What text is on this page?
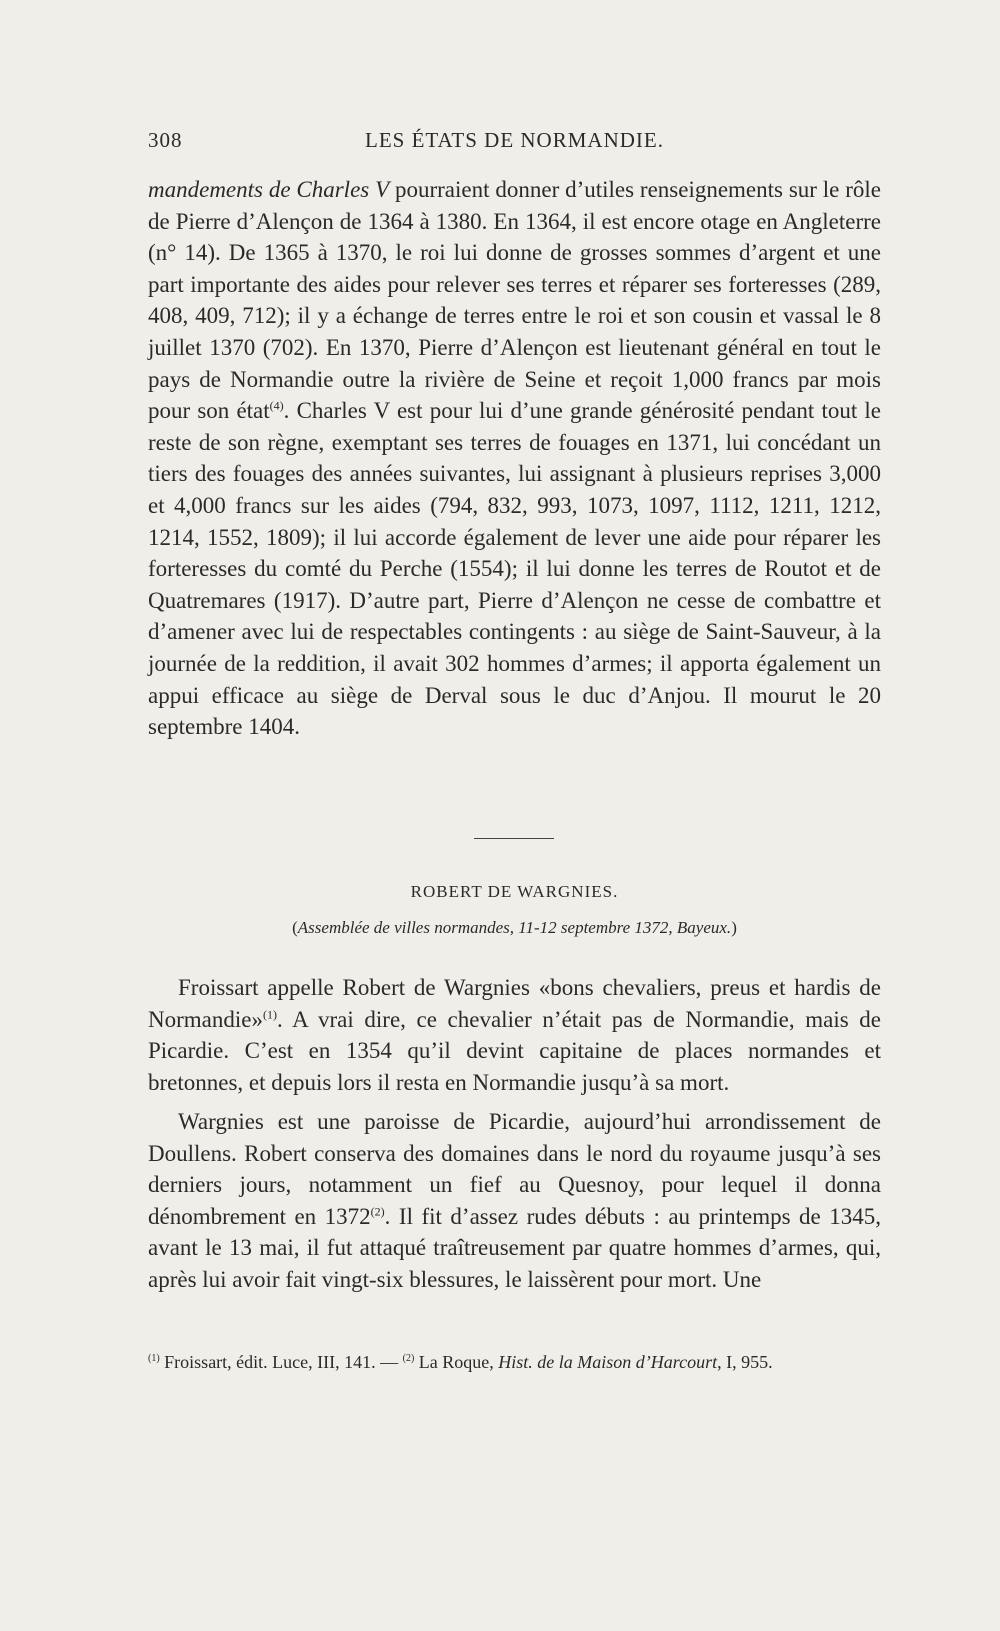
308	LES ÉTATS DE NORMANDIE.

mandements de Charles V pourraient donner d’utiles renseignements sur le rôle de Pierre d’Alençon de 1364 à 1380. En 1364, il est encore otage en Angleterre (n° 14). De 1365 à 1370, le roi lui donne de grosses sommes d’argent et une part importante des aides pour relever ses terres et réparer ses forteresses (289, 408, 409, 712); il y a échange de terres entre le roi et son cousin et vassal le 8 juillet 1370 (702). En 1370, Pierre d’Alençon est lieutenant général en tout le pays de Normandie outre la rivière de Seine et reçoit 1,000 francs par mois pour son état$^{(4)}$. Charles V est pour lui d’une grande générosité pendant tout le reste de son règne, exemptant ses terres de fouages en 1371, lui concédant un tiers des fouages des années suivantes, lui assignant à plusieurs reprises 3,000 et 4,000 francs sur les aides (794, 832, 993, 1073, 1097, 1112, 1211, 1212, 1214, 1552, 1809); il lui accorde également de lever une aide pour réparer les forteresses du comté du Perche (1554); il lui donne les terres de Routot et de Quatremares (1917). D’autre part, Pierre d’Alençon ne cesse de combattre et d’amener avec lui de respectables contingents : au siège de Saint-Sauveur, à la journée de la reddition, il avait 302 hommes d’armes; il apporta également un appui efficace au siège de Derval sous le duc d’Anjou. Il mourut le 20 septembre 1404.

ROBERT DE WARGNIES.

(Assemblée de villes normandes, 11-12 septembre 1372, Bayeux.)

Froissart appelle Robert de Wargnies «bons chevaliers, preus et hardis de Normandie»$^{(1)}$. A vrai dire, ce chevalier n’était pas de Normandie, mais de Picardie. C’est en 1354 qu’il devint capitaine de places normandes et bretonnes, et depuis lors il resta en Normandie jusqu’à sa mort.

Wargnies est une paroisse de Picardie, aujourd’hui arrondissement de Doullens. Robert conserva des domaines dans le nord du royaume jusqu’à ses derniers jours, notamment un fief au Quesnoy, pour lequel il donna dénombrement en 1372$^{(2)}$. Il fit d’assez rudes débuts : au printemps de 1345, avant le 13 mai, il fut attaqué traîtreusement par quatre hommes d’armes, qui, après lui avoir fait vingt-six blessures, le laissèrent pour mort. Une

$^{(1)}$ Froissart, édit. Luce, III, 141. — $^{(2)}$ La Roque, Hist. de la Maison d’Harcourt, I, 955.
